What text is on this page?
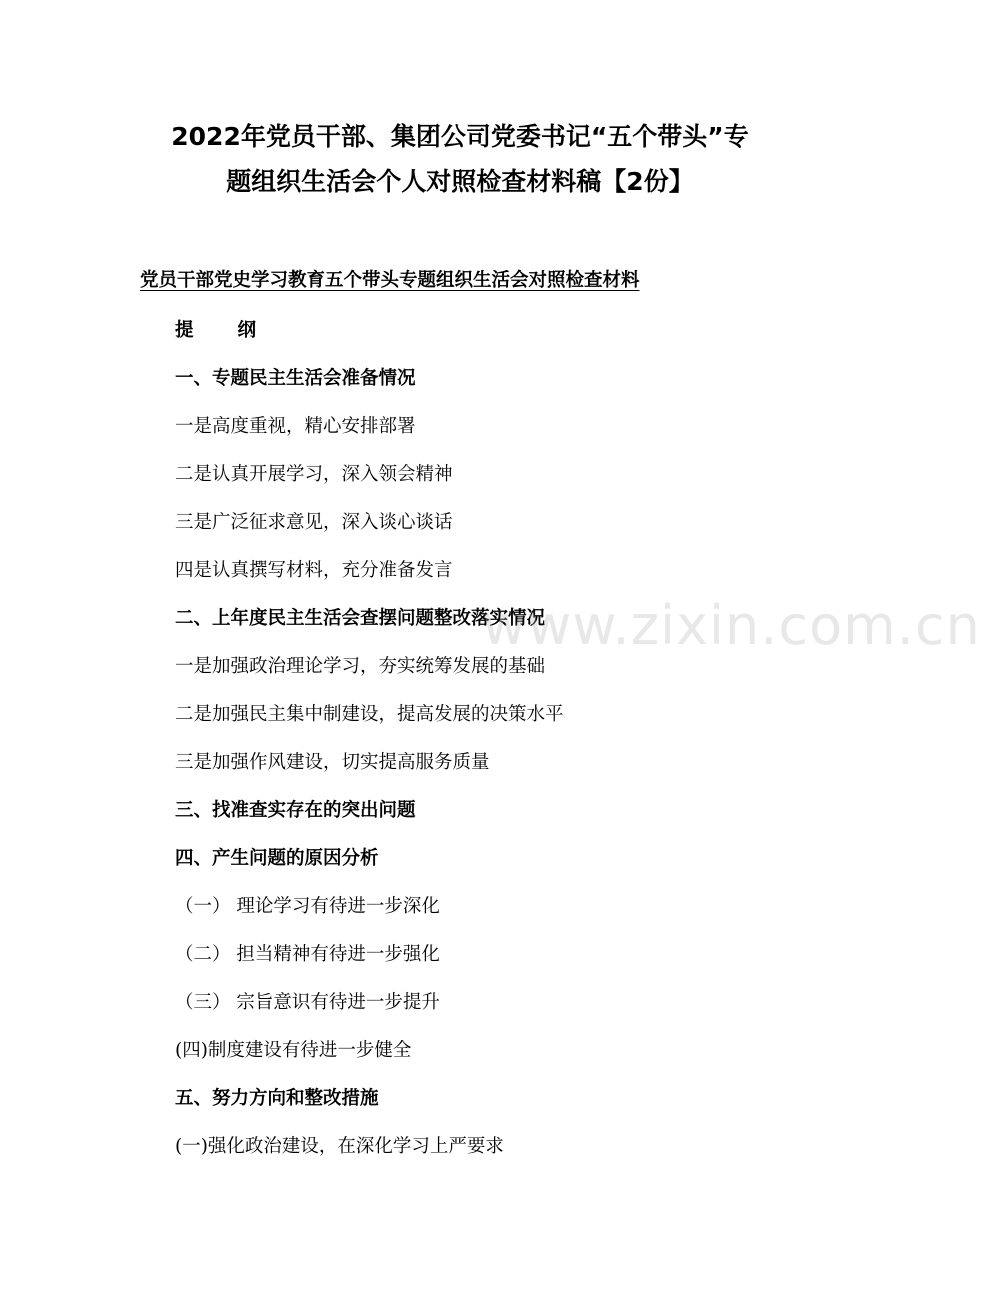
2022年党员干部、集团公司党委书记“五个带头”专
题组织生活会个人对照检查材料稿【2份】
党员干部党史学习教育五个带头专题组织生活会对照检查材料
提纲
一、专题民主生活会准备情况
一是高度重视，精心安排部署
二是认真开展学习，深入领会精神
三是广泛征求意见，深入谈心谈话
四是认真撰写材料，充分准备发言
二、上年度民主生活会查摆问题整改落实情况
一是加强政治理论学习，夯实统筹发展的基础
二是加强民主集中制建设，提高发展的决策水平
三是加强作风建设，切实提高服务质量
三、找准查实存在的突出问题
四、产生问题的原因分析
（一） 理论学习有待进一步深化
（二） 担当精神有待进一步强化
（三） 宗旨意识有待进一步提升
(四)制度建设有待进一步健全
五、努力方向和整改措施
(一)强化政治建设，在深化学习上严要求
www.zixin.com.cn
